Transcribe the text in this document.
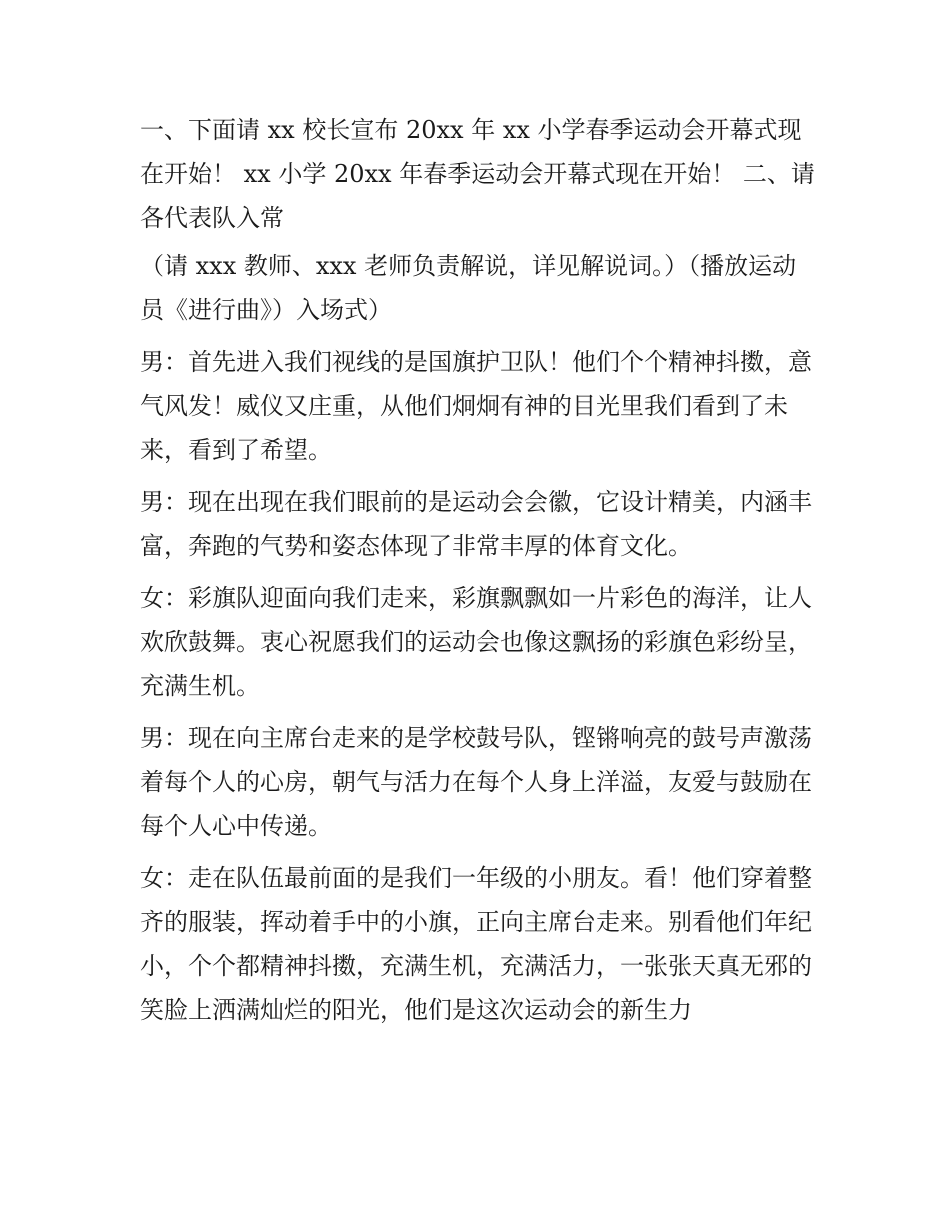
一、下面请 xx 校长宣布 20xx 年 xx 小学春季运动会开幕式现在开始！ xx 小学 20xx 年春季运动会开幕式现在开始！ 二、请各代表队入常

（请 xxx 教师、xxx 老师负责解说，详见解说词。）（播放运动员《进行曲》）入场式）

男：首先进入我们视线的是国旗护卫队！他们个个精神抖擞，意气风发！威仪又庄重，从他们炯炯有神的目光里我们看到了未来，看到了希望。

男：现在出现在我们眼前的是运动会会徽，它设计精美，内涵丰富，奔跑的气势和姿态体现了非常丰厚的体育文化。

女：彩旗队迎面向我们走来，彩旗飘飘如一片彩色的海洋，让人欢欣鼓舞。衷心祝愿我们的运动会也像这飘扬的彩旗色彩纷呈，充满生机。

男：现在向主席台走来的是学校鼓号队，铿锵响亮的鼓号声激荡着每个人的心房，朝气与活力在每个人身上洋溢，友爱与鼓励在每个人心中传递。

女：走在队伍最前面的是我们一年级的小朋友。看！他们穿着整齐的服装，挥动着手中的小旗，正向主席台走来。别看他们年纪小，个个都精神抖擞，充满生机，充满活力，一张张天真无邪的笑脸上洒满灿烂的阳光，他们是这次运动会的新生力
